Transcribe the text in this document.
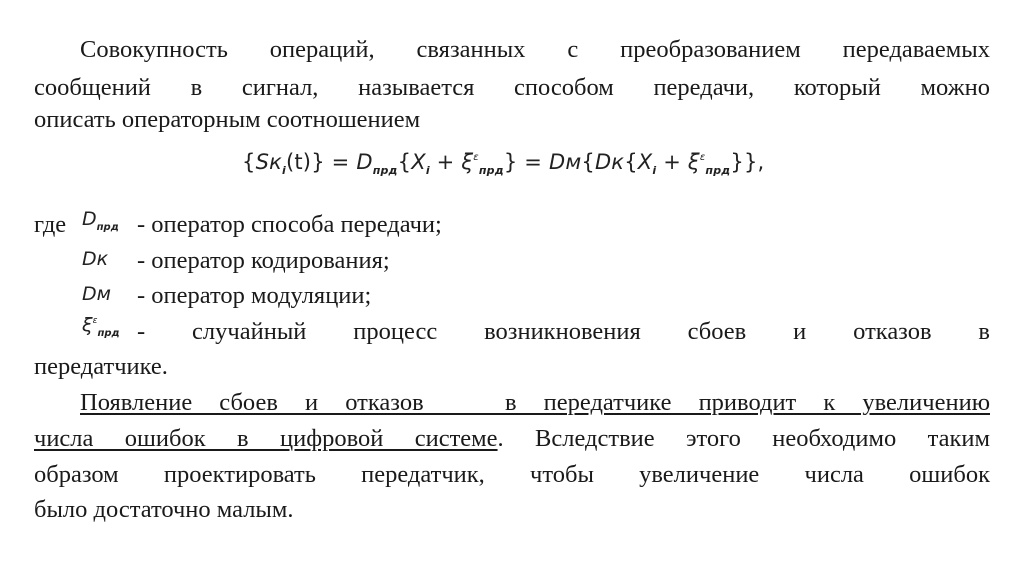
Совокупность операций, связанных с преобразованием передаваемых
сообщений в сигнал, называется способом передачи, который можно
описать операторным соотношением
$\{Sк_i(t)\} = D_{прд}\{X_i + \xi^\varepsilon_{прд}\} = Dм\{Dк\{X_i + \xi^\varepsilon_{прд}\}\}$,
где $D_{прд}$ - оператор способа передачи;
Dк - оператор кодирования;
Dм - оператор модуляции;
$\xi^\varepsilon_{прд}$ - случайный процесс возникновения сбоев и отказов в
передатчике.
Появление сбоев и отказов   в передатчике приводит к увеличению
числа ошибок в цифровой системе. Вследствие этого необходимо таким
образом проектировать передатчик, чтобы увеличение числа ошибок
было достаточно малым.
